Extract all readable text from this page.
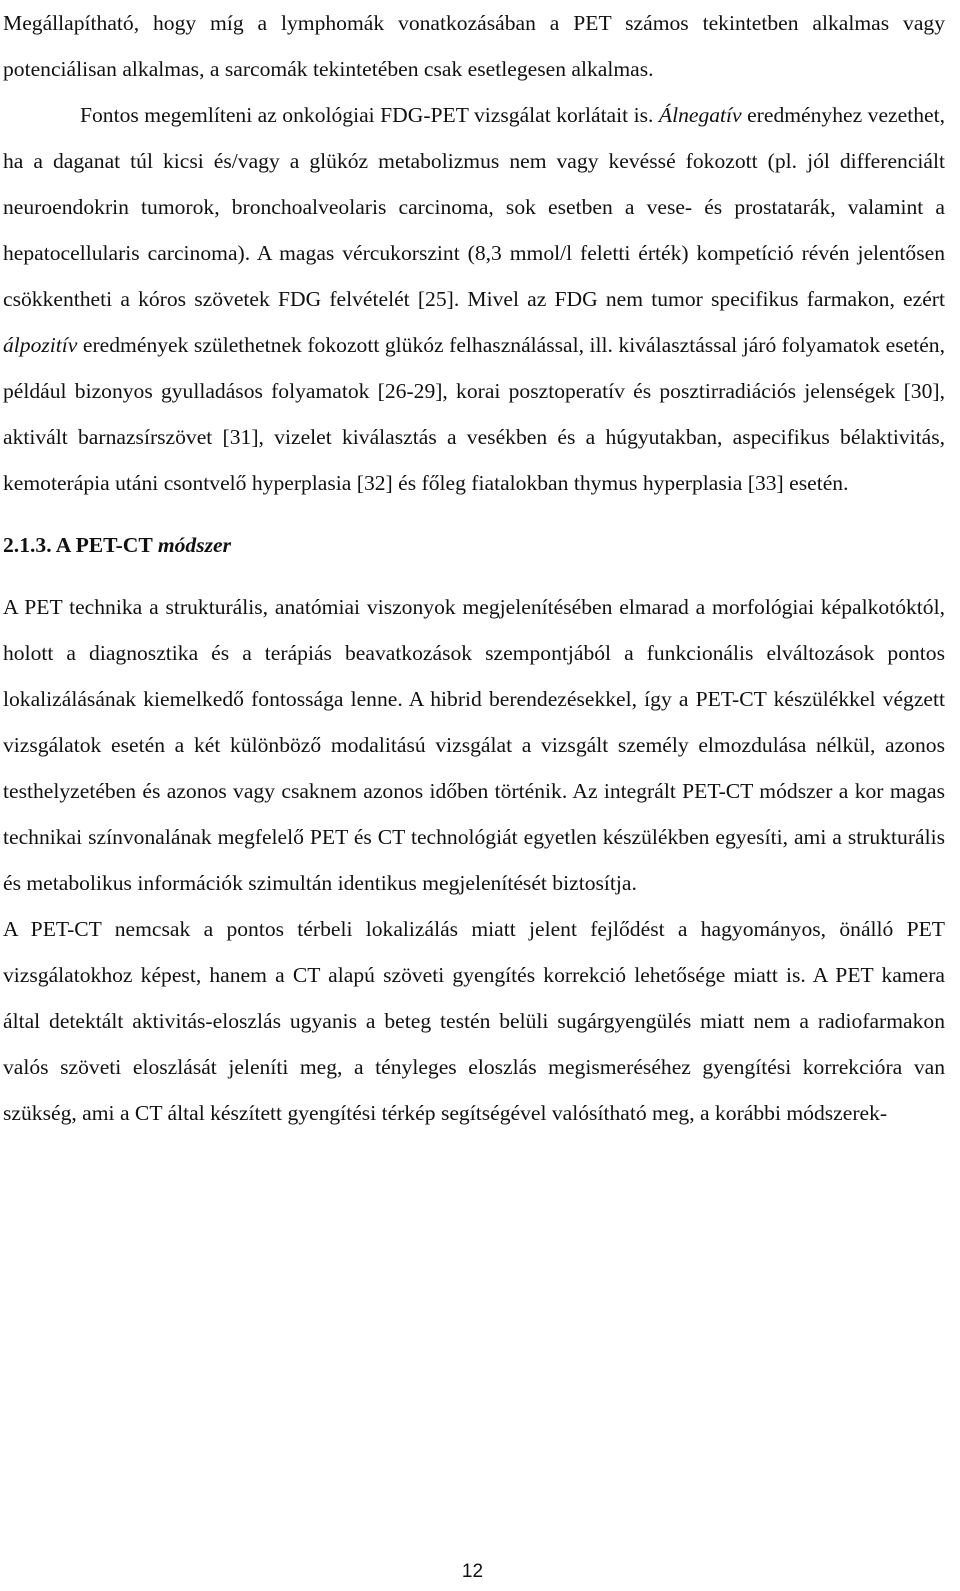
Megállapítható, hogy míg a lymphomák vonatkozásában a PET számos tekintetben alkalmas vagy potenciálisan alkalmas, a sarcomák tekintetében csak esetlegesen alkalmas.

Fontos megemlíteni az onkológiai FDG-PET vizsgálat korlátait is. Álnegatív eredményhez vezethet, ha a daganat túl kicsi és/vagy a glükóz metabolizmus nem vagy kevéssé fokozott (pl. jól differenciált neuroendokrin tumorok, bronchoalveolaris carcinoma, sok esetben a vese- és prostatarák, valamint a hepatocellularis carcinoma). A magas vércukorszint (8,3 mmol/l feletti érték) kompetíció révén jelentősen csökkentheti a kóros szövetek FDG felvételét [25]. Mivel az FDG nem tumor specifikus farmakon, ezért álpozitív eredmények születhetnek fokozott glükóz felhasználással, ill. kiválasztással járó folyamatok esetén, például bizonyos gyulladásos folyamatok [26-29], korai posztoperatív és posztirradiációs jelenségek [30], aktivált barnazsírszövet [31], vizelet kiválasztás a vesékben és a húgyutakban, aspecifikus bélaktivitás, kemoterápia utáni csontvelő hyperplasia [32] és főleg fiatalokban thymus hyperplasia [33] esetén.

2.1.3. A PET-CT módszer

A PET technika a strukturális, anatómiai viszonyok megjelenítésében elmarad a morfológiai képalkotóktól, holott a diagnosztika és a terápiás beavatkozások szempontjából a funkcionális elváltozások pontos lokalizálásának kiemelkedő fontossága lenne. A hibrid berendezésekkel, így a PET-CT készülékkel végzett vizsgálatok esetén a két különböző modalitású vizsgálat a vizsgált személy elmozdulása nélkül, azonos testhelyzetében és azonos vagy csaknem azonos időben történik. Az integrált PET-CT módszer a kor magas technikai színvonalának megfelelő PET és CT technológiát egyetlen készülékben egyesíti, ami a strukturális és metabolikus információk szimultán identikus megjelenítését biztosítja.

A PET-CT nemcsak a pontos térbeli lokalizálás miatt jelent fejlődést a hagyományos, önálló PET vizsgálatokhoz képest, hanem a CT alapú szöveti gyengítés korrekció lehetősége miatt is. A PET kamera által detektált aktivitás-eloszlás ugyanis a beteg testén belüli sugárgyengülés miatt nem a radiofarmakon valós szöveti eloszlását jeleníti meg, a tényleges eloszlás megismeréséhez gyengítési korrekcióra van szükség, ami a CT által készített gyengítési térkép segítségével valósítható meg, a korábbi módszerek-

12
